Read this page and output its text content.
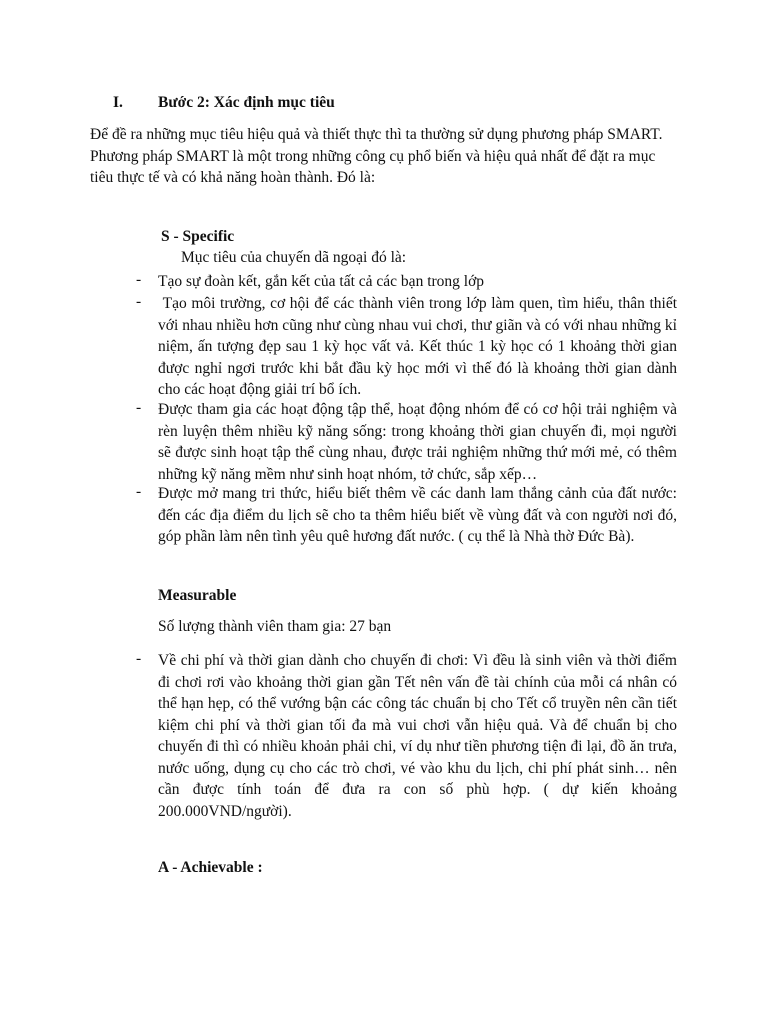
I. Bước 2: Xác định mục tiêu
Để đề ra những mục tiêu hiệu quả và thiết thực thì ta thường sử dụng phương pháp SMART. Phương pháp SMART là một trong những công cụ phổ biến và hiệu quả nhất để đặt ra mục tiêu thực tế và có khả năng hoàn thành. Đó là:
S - Specific
Mục tiêu của chuyến dã ngoại đó là:
-	Tạo sự đoàn kết, gắn kết của tất cả các bạn trong lớp
-	Tạo môi trường, cơ hội để các thành viên trong lớp làm quen, tìm hiểu, thân thiết với nhau nhiều hơn cũng như cùng nhau vui chơi, thư giãn và có với nhau những kỉ niệm, ấn tượng đẹp sau 1 kỳ học vất vả. Kết thúc 1 kỳ học có 1 khoảng thời gian được nghỉ ngơi trước khi bắt đầu kỳ học mới vì thế đó là khoảng thời gian dành cho các hoạt động giải trí bổ ích.
-	Được tham gia các hoạt động tập thể, hoạt động nhóm để có cơ hội trải nghiệm và rèn luyện thêm nhiều kỹ năng sống: trong khoảng thời gian chuyến đi, mọi người sẽ được sinh hoạt tập thể cùng nhau, được trải nghiệm những thứ mới mẻ, có thêm những kỹ năng mềm như sinh hoạt nhóm, tở chức, sắp xếp…
-	Được mở mang tri thức, hiểu biết thêm về các danh lam thắng cảnh của đất nước: đến các địa điểm du lịch sẽ cho ta thêm hiểu biết về vùng đất và con người nơi đó, góp phần làm nên tình yêu quê hương đất nước. ( cụ thể là Nhà thờ Đức Bà).
Measurable
Số lượng thành viên tham gia: 27 bạn
-	Về chi phí và thời gian dành cho chuyến đi chơi: Vì đều là sinh viên và thời điểm đi chơi rơi vào khoảng thời gian gần Tết nên vấn đề tài chính của mỗi cá nhân có thể hạn hẹp, có thể vướng bận các công tác chuẩn bị cho Tết cổ truyền nên cần tiết kiệm chi phí và thời gian tối đa mà vui chơi vẫn hiệu quả. Và để chuẩn bị cho chuyến đi thì có nhiều khoản phải chi, ví dụ như tiền phương tiện đi lại, đồ ăn trưa, nước uống, dụng cụ cho các trò chơi, vé vào khu du lịch, chi phí phát sinh… nên cần được tính toán để đưa ra con số phù hợp. ( dự kiến khoảng 200.000VND/người).
A - Achievable :
